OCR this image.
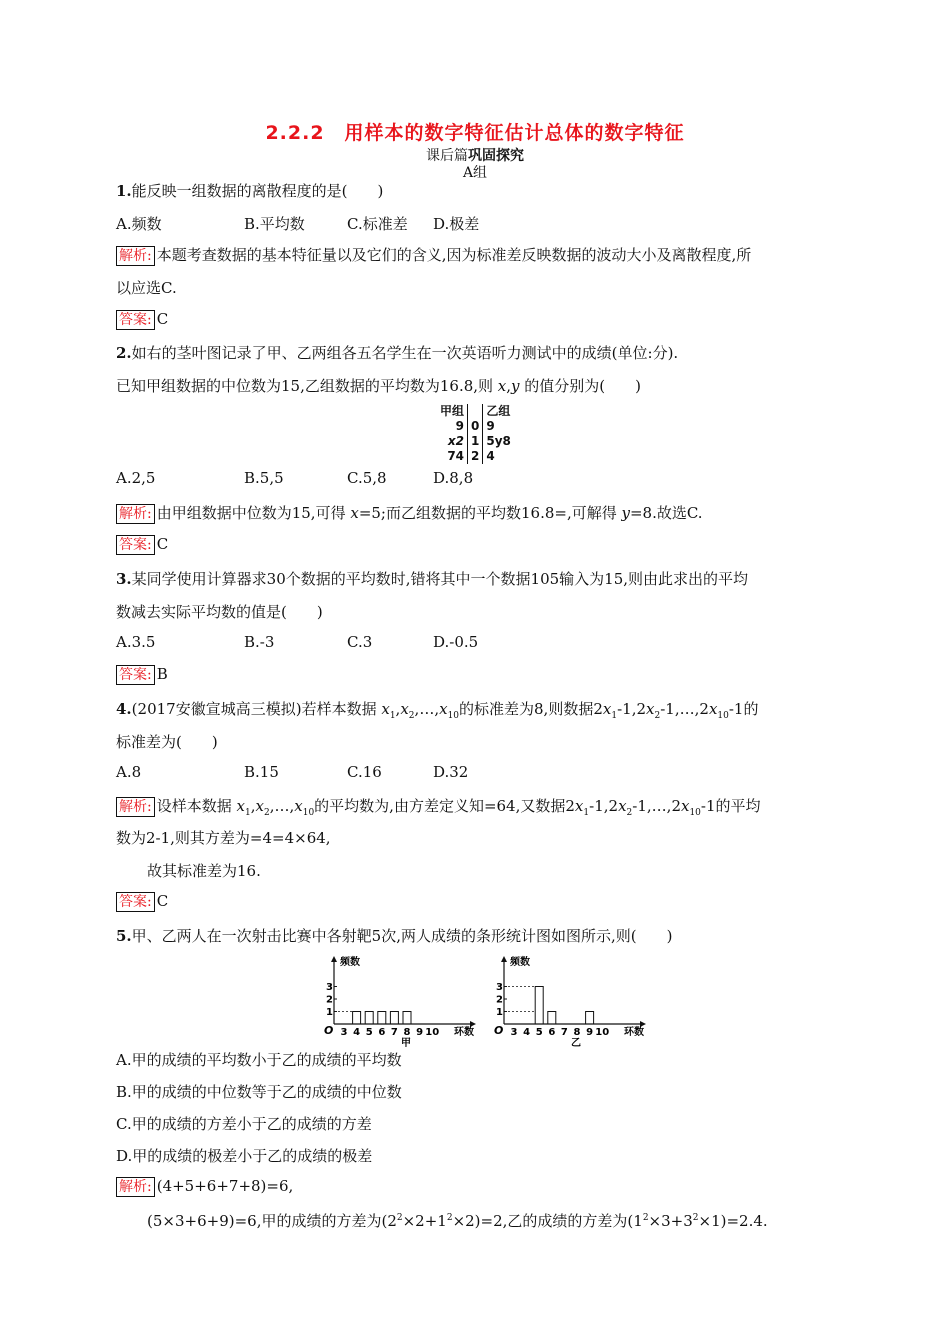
2.2.2　用样本的数字特征估计总体的数字特征
课后篇巩固探究
A组
1.能反映一组数据的离散程度的是(　　)
A.频数	B.平均数	C.标准差 D.极差
解析: 本题考查数据的基本特征量以及它们的含义,因为标准差反映数据的波动大小及离散程度,所
以应选C.
答案: C
2.如右的茎叶图记录了甲、乙两组各五名学生在一次英语听力测试中的成绩(单位:分).
已知甲组数据的中位数为15,乙组数据的平均数为16.8,则 x,y 的值分别为(　　)
甲组		乙组
9	0	9
x2	1	5y8
74	2	4
A.2,5	B.5,5	C.5,8	D.8,8
解析: 由甲组数据中位数为15,可得 x=5;而乙组数据的平均数16.8=,可解得 y=8.故选C.
答案: C
3.某同学使用计算器求30个数据的平均数时,错将其中一个数据105输入为15,则由此求出的平均
数减去实际平均数的值是(　　)
A.3.5	B.-3	C.3	D.-0.5
答案: B
4.(2017安徽宣城高三模拟)若样本数据 $x_1,x_2,\dots,x_{10}$的标准差为8,则数据$2x_1-1,2x_2-1,\dots,2x_{10}-1$的
标准差为(　　)
A.8	B.15	C.16	D.32
解析: 设样本数据 $x_1,x_2,\dots,x_{10}$的平均数为,由方差定义知=64,又数据$2x_1-1,2x_2-1,\dots,2x_{10}-1$的平均
数为2-1,则其方差为=4=4×64,
故其标准差为16.
答案: C
5.甲、乙两人在一次射击比赛中各射靶5次,两人成绩的条形统计图如图所示,则(　　)
频数
O
1
2
3
3 4 5 6 7 8 9 10 环数
甲
频数
O
1
2
3
3 4 5 6 7 8 9 10 环数
乙
A.甲的成绩的平均数小于乙的成绩的平均数
B.甲的成绩的中位数等于乙的成绩的中位数
C.甲的成绩的方差小于乙的成绩的方差
D.甲的成绩的极差小于乙的成绩的极差
解析: (4+5+6+7+8)=6,
(5×3+6+9)=6,甲的成绩的方差为$(2^2\times 2+1^2\times 2)=2$,乙的成绩的方差为$(1^2\times 3+3^2\times 1)=2.4$.
